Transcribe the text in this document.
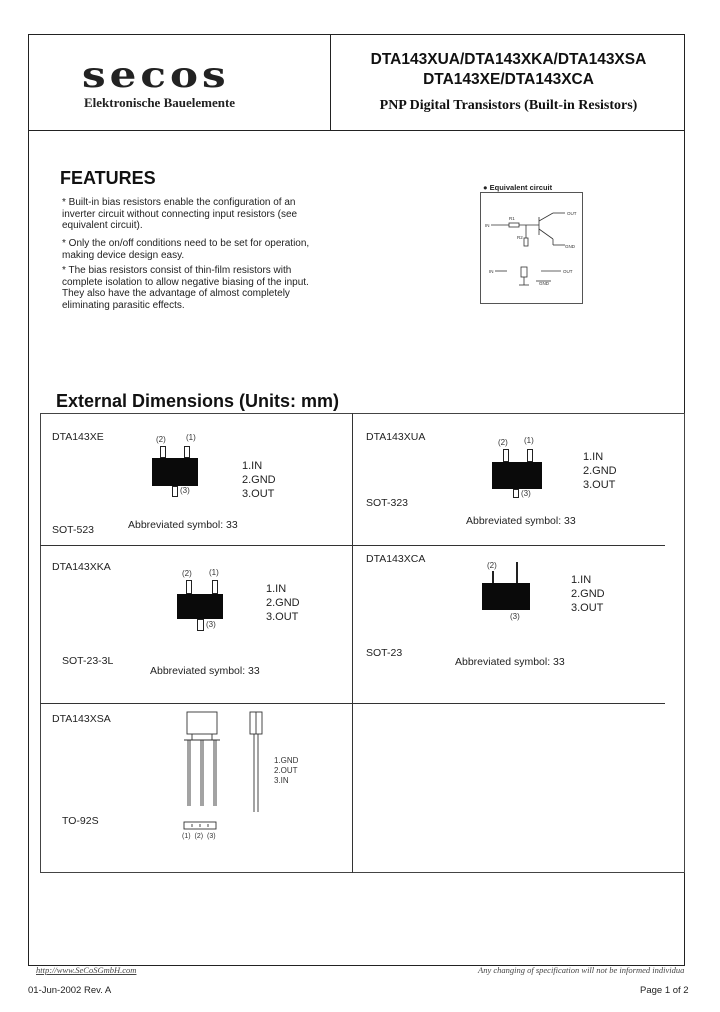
secos
Elektronische Bauelemente
DTA143XUA/DTA143XKA/DTA143XSA
DTA143XE/DTA143XCA
PNP Digital Transistors (Built-in Resistors)
FEATURES
* Built-in bias resistors enable the configuration of an inverter circuit without connecting input resistors (see equivalent circuit).
* Only the on/off conditions need to be set for operation, making device design easy.
* The bias resistors consist of thin-film resistors with complete isolation to allow negative biasing of the input. They also have the advantage of almost completely eliminating parasitic effects.
● Equivalent circuit
IN
R1
R2
OUT
GND
IN	OUT
GND
External Dimensions (Units: mm)
DTA143XE	(2)	(1)
(3)
1.IN
2.GND
3.OUT
SOT-523	Abbreviated symbol: 33
DTA143XUA	(2) (1)
(3)
1.IN
2.GND
3.OUT
SOT-323
Abbreviated symbol: 33
DTA143XKA
(2) (1)
(3)
1.IN
2.GND
3.OUT
SOT-23-3L
Abbreviated symbol: 33
DTA143XCA
(2)
(3)
1.IN
2.GND
3.OUT
SOT-23
Abbreviated symbol: 33
DTA143XSA
1.GND
2.OUT
3.IN
TO-92S
(1) (2) (3)
http://www.SeCoSGmbH.com	Any changing of specification will not be informed individua
01-Jun-2002 Rev. A	Page 1 of 2
